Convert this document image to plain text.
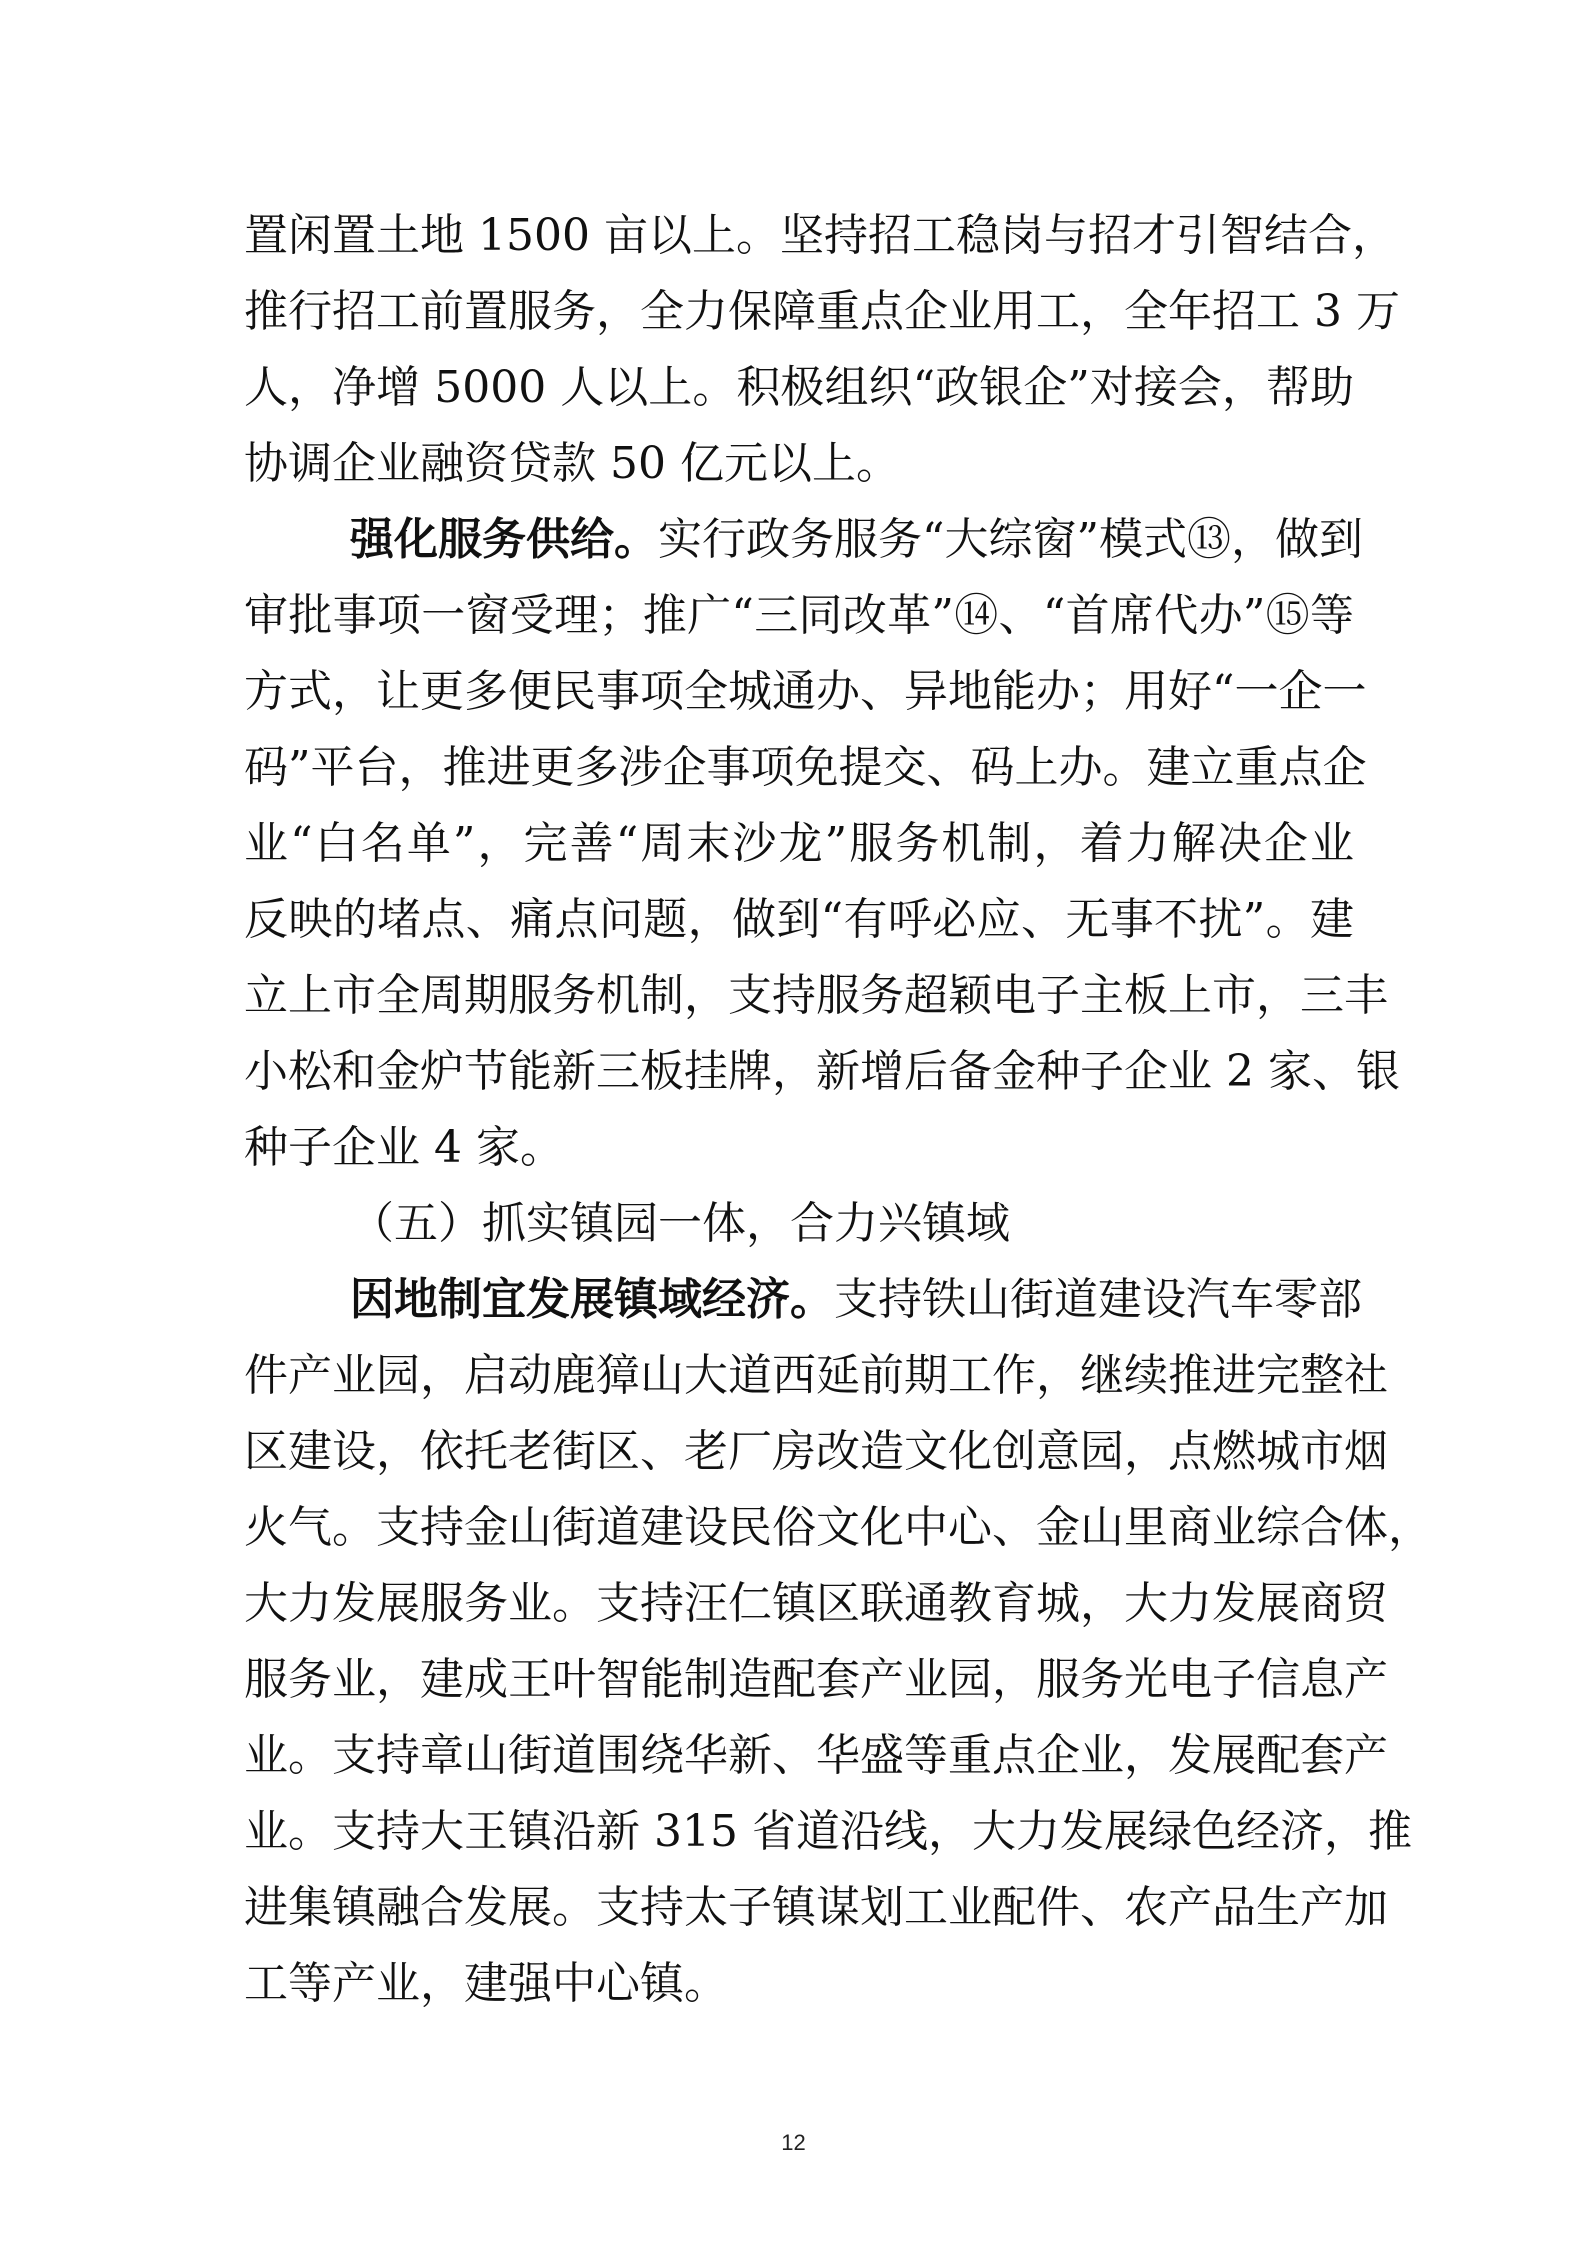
置闲置土地 1500 亩以上。坚持招工稳岗与招才引智结合，
推行招工前置服务，全力保障重点企业用工，全年招工 3 万
人，净增 5000 人以上。积极组织“政银企”对接会，帮助
协调企业融资贷款 50 亿元以上。
强化服务供给。实行政务服务“大综窗”模式⑬，做到
审批事项一窗受理；推广“三同改革”⑭、“首席代办”⑮等
方式，让更多便民事项全城通办、异地能办；用好“一企一
码”平台，推进更多涉企事项免提交、码上办。建立重点企
业“白名单”，完善“周末沙龙”服务机制，着力解决企业
反映的堵点、痛点问题，做到“有呼必应、无事不扰”。建
立上市全周期服务机制，支持服务超颖电子主板上市，三丰
小松和金炉节能新三板挂牌，新增后备金种子企业 2 家、银
种子企业 4 家。
（五）抓实镇园一体，合力兴镇域
因地制宜发展镇域经济。支持铁山街道建设汽车零部
件产业园，启动鹿獐山大道西延前期工作，继续推进完整社
区建设，依托老街区、老厂房改造文化创意园，点燃城市烟
火气。支持金山街道建设民俗文化中心、金山里商业综合体，
大力发展服务业。支持汪仁镇区联通教育城，大力发展商贸
服务业，建成王叶智能制造配套产业园，服务光电子信息产
业。支持章山街道围绕华新、华盛等重点企业，发展配套产
业。支持大王镇沿新 315 省道沿线，大力发展绿色经济，推
进集镇融合发展。支持太子镇谋划工业配件、农产品生产加
工等产业，建强中心镇。
12
